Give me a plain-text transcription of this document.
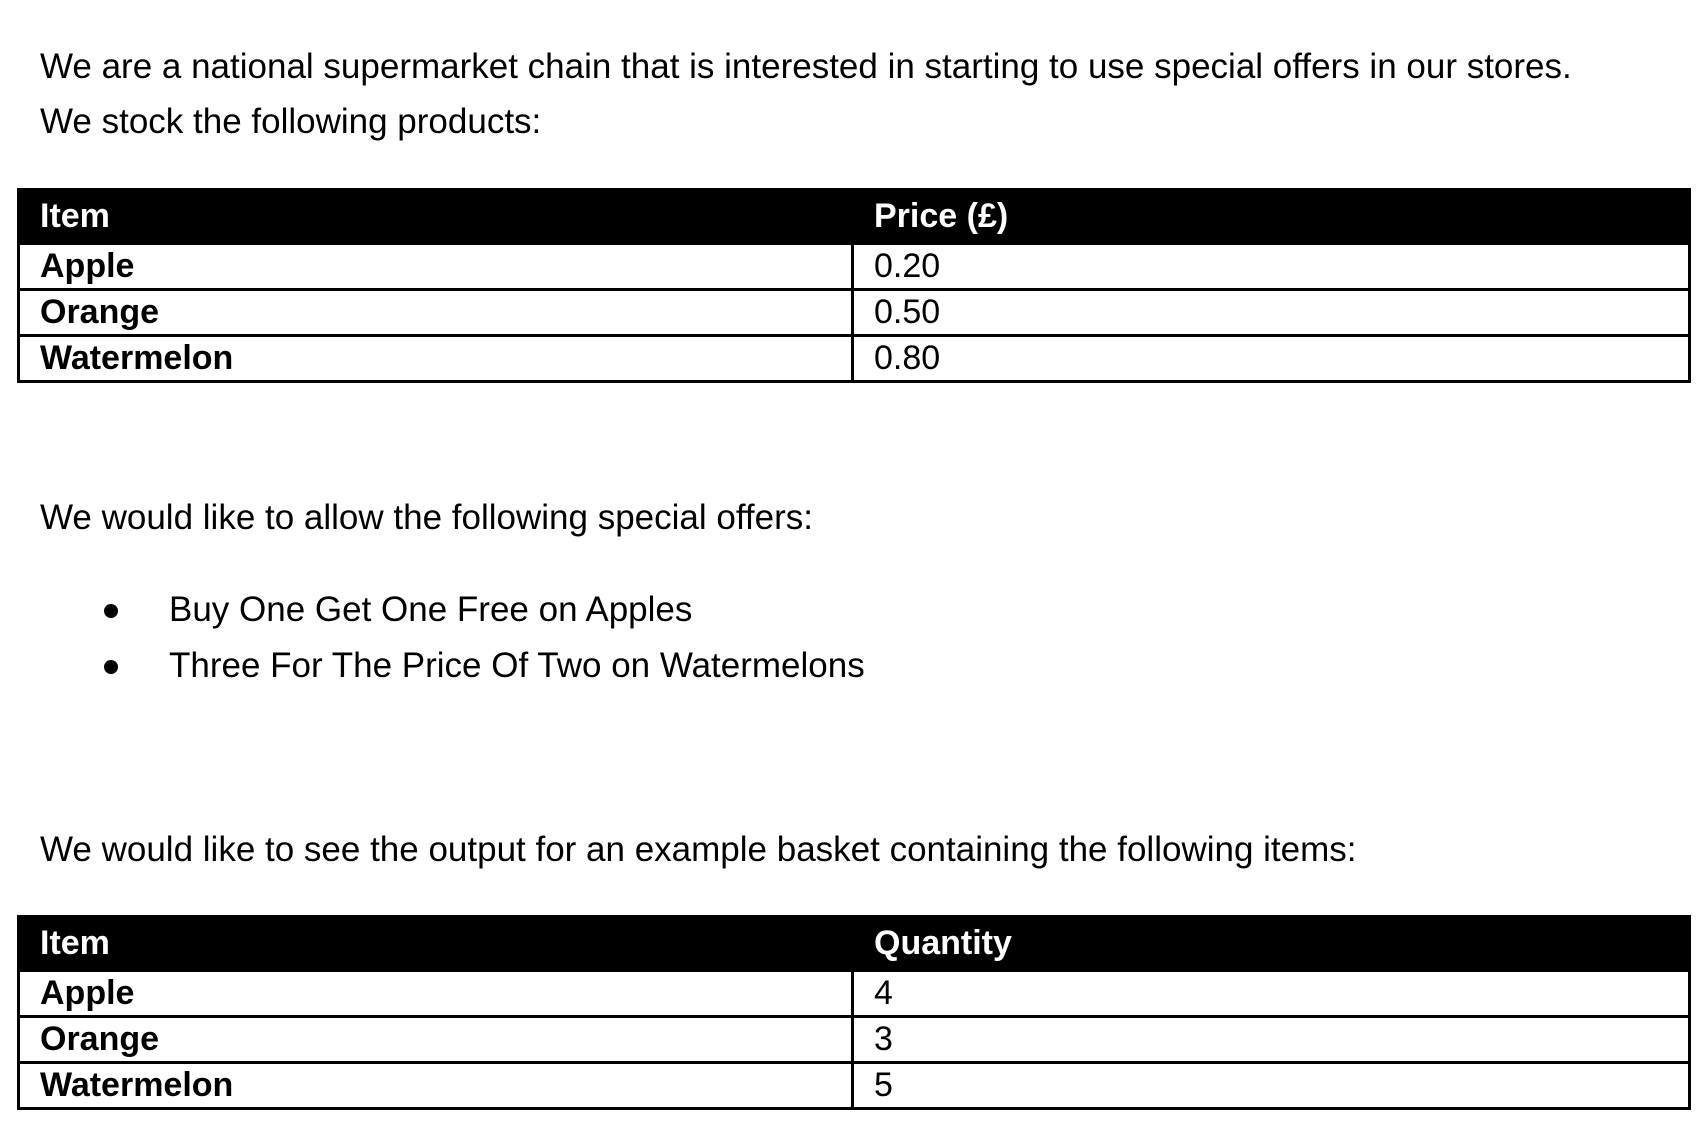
We are a national supermarket chain that is interested in starting to use special offers in our stores.
We stock the following products:
Item	Price (£)
Apple	0.20
Orange	0.50
Watermelon	0.80

We would like to allow the following special offers:

Buy One Get One Free on Apples
Three For The Price Of Two on Watermelons

We would like to see the output for an example basket containing the following items:

Item	Quantity
Apple	4
Orange	3
Watermelon	5
